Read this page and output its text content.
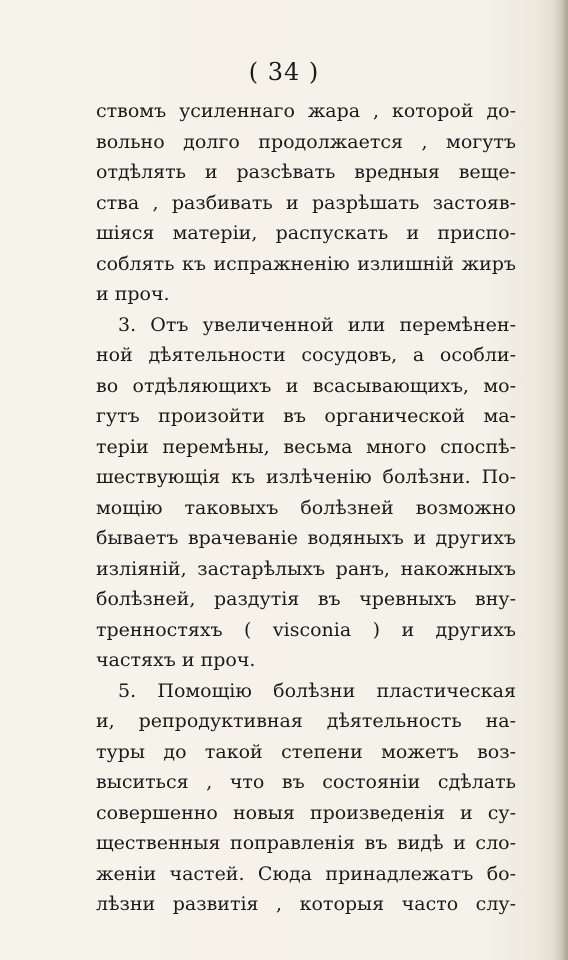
( 34 )
ствомъ усиленнаго жара , которой до-
вольно долго продолжается , могутъ
отдѣлять и разсѣвать вредныя веще-
ства , разбивать и разрѣшать застояв-
шіяся матеріи, распускать и приспо-
соблять къ испражненію излишній жиръ
и проч.
3. Отъ увеличенной или перемѣнен-
ной дѣятельности сосудовъ, а особли-
во отдѣляющихъ и всасывающихъ, мо-
гутъ произойти въ органической ма-
теріи перемѣны, весьма много споспѣ-
шествующія къ излѣченію болѣзни. По-
мощію таковыхъ болѣзней возможно
бываетъ врачеванiе водяныхъ и другихъ
изліяній, застарѣлыхъ ранъ, накожныхъ
болѣзней, раздутія въ чревныхъ вну-
тренностяхъ ( visconia ) и другихъ
частяхъ и проч.
5. Помощію болѣзни пластическая
и, репродуктивная дѣятельность на-
туры до такой степени можетъ воз-
выситься , что въ состояніи сдѣлать
совершенно новыя произведенія и су-
щественныя поправленія въ видѣ и сло-
женіи частей. Сюда принадлежатъ бо-
лѣзни развитія , которыя часто слу-
